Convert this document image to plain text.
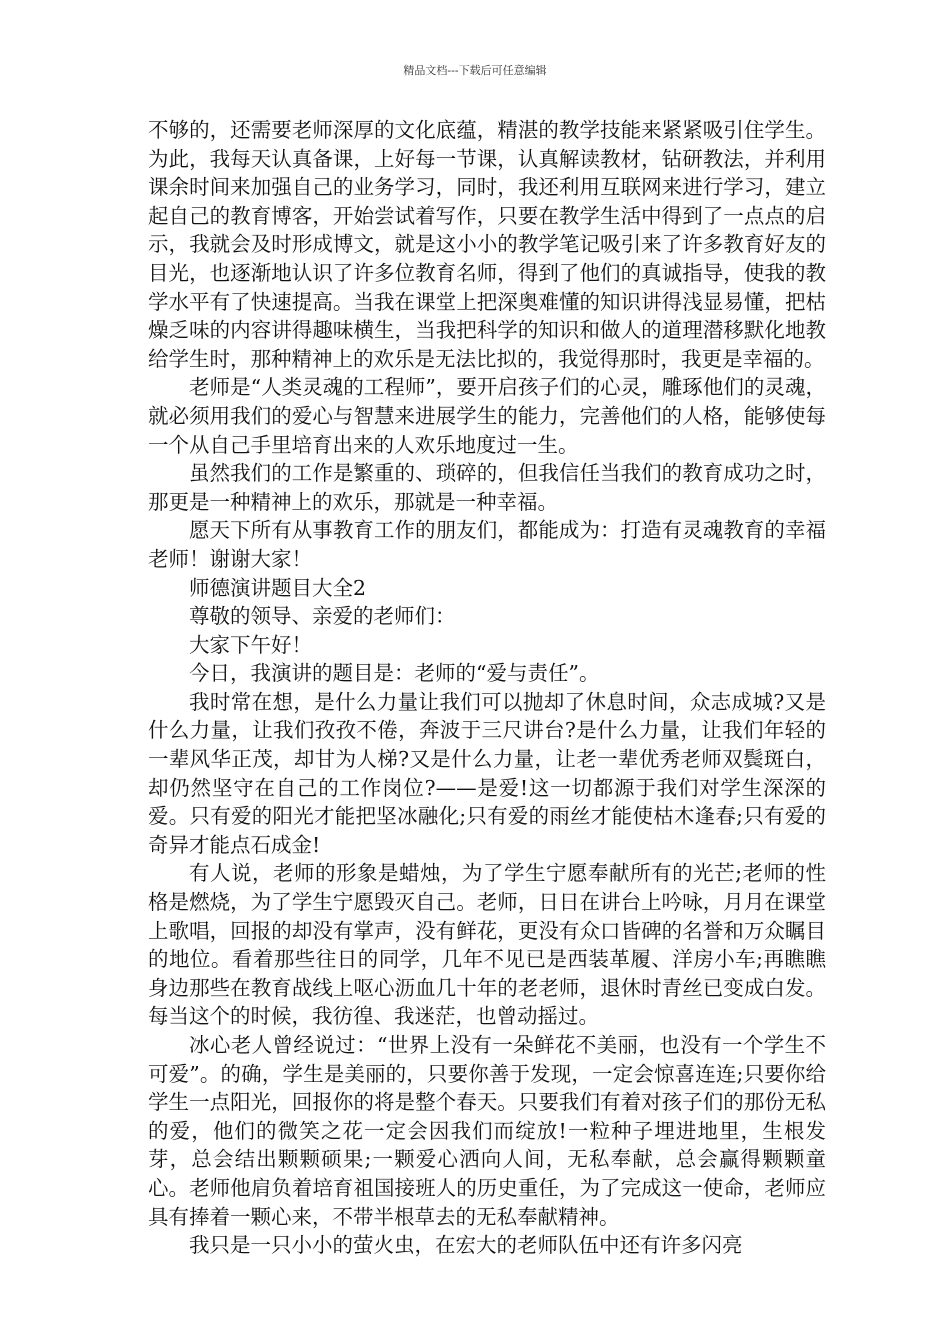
精品文档---下载后可任意编辑

不够的，还需要老师深厚的文化底蕴，精湛的教学技能来紧紧吸引住学生。为此，我每天认真备课，上好每一节课，认真解读教材，钻研教法，并利用课余时间来加强自己的业务学习，同时，我还利用互联网来进行学习，建立起自己的教育博客，开始尝试着写作，只要在教学生活中得到了一点点的启示，我就会及时形成博文，就是这小小的教学笔记吸引来了许多教育好友的目光，也逐渐地认识了许多位教育名师，得到了他们的真诚指导，使我的教学水平有了快速提高。当我在课堂上把深奥难懂的知识讲得浅显易懂，把枯燥乏味的内容讲得趣味横生，当我把科学的知识和做人的道理潜移默化地教给学生时，那种精神上的欢乐是无法比拟的，我觉得那时，我更是幸福的。

老师是“人类灵魂的工程师”，要开启孩子们的心灵，雕琢他们的灵魂，就必须用我们的爱心与智慧来进展学生的能力，完善他们的人格，能够使每一个从自己手里培育出来的人欢乐地度过一生。

虽然我们的工作是繁重的、琐碎的，但我信任当我们的教育成功之时，那更是一种精神上的欢乐，那就是一种幸福。

愿天下所有从事教育工作的朋友们，都能成为：打造有灵魂教育的幸福老师！谢谢大家！

师德演讲题目大全2

尊敬的领导、亲爱的老师们：

大家下午好！

今日，我演讲的题目是：老师的“爱与责任”。

我时常在想，是什么力量让我们可以抛却了休息时间，众志成城?又是什么力量，让我们孜孜不倦，奔波于三尺讲台?是什么力量，让我们年轻的一辈风华正茂，却甘为人梯?又是什么力量，让老一辈优秀老师双鬓斑白，却仍然坚守在自己的工作岗位?——是爱!这一切都源于我们对学生深深的爱。只有爱的阳光才能把坚冰融化;只有爱的雨丝才能使枯木逢春;只有爱的奇异才能点石成金!

有人说，老师的形象是蜡烛，为了学生宁愿奉献所有的光芒;老师的性格是燃烧，为了学生宁愿毁灭自己。老师，日日在讲台上吟咏，月月在课堂上歌唱，回报的却没有掌声，没有鲜花，更没有众口皆碑的名誉和万众瞩目的地位。看着那些往日的同学，几年不见已是西装革履、洋房小车;再瞧瞧身边那些在教育战线上呕心沥血几十年的老老师，退休时青丝已变成白发。每当这个的时候，我彷徨、我迷茫，也曾动摇过。

冰心老人曾经说过：“世界上没有一朵鲜花不美丽，也没有一个学生不可爱”。的确，学生是美丽的，只要你善于发现，一定会惊喜连连;只要你给学生一点阳光，回报你的将是整个春天。只要我们有着对孩子们的那份无私的爱，他们的微笑之花一定会因我们而绽放!一粒种子埋进地里，生根发芽，总会结出颗颗硕果;一颗爱心洒向人间，无私奉献，总会赢得颗颗童心。老师他肩负着培育祖国接班人的历史重任，为了完成这一使命，老师应具有捧着一颗心来，不带半根草去的无私奉献精神。

我只是一只小小的萤火虫，在宏大的老师队伍中还有许多闪亮
